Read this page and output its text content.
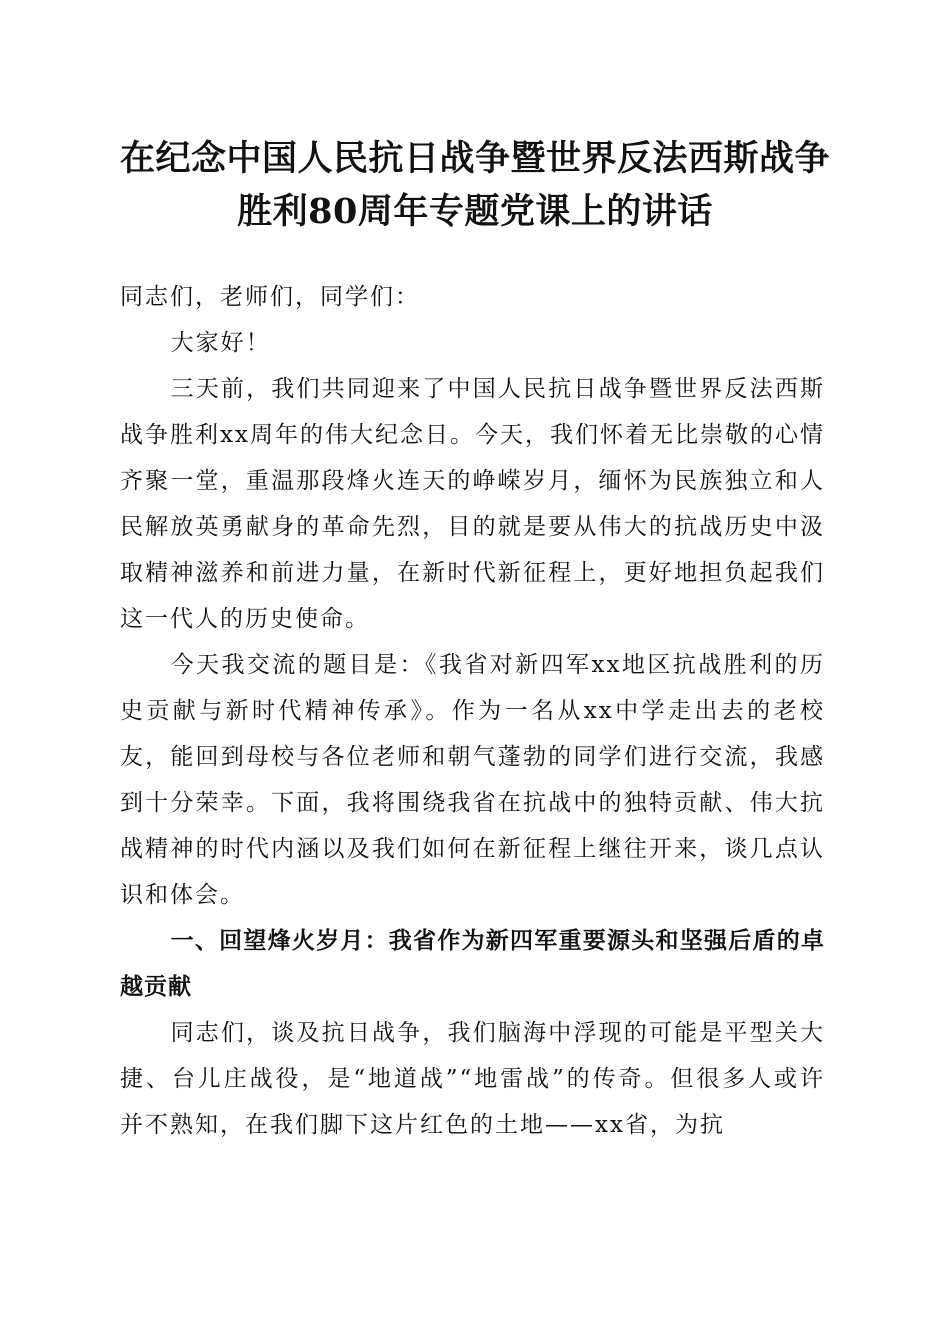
在纪念中国人民抗日战争暨世界反法西斯战争
胜利80周年专题党课上的讲话

同志们，老师们，同学们：

大家好！

三天前，我们共同迎来了中国人民抗日战争暨世界反法西斯战争胜利xx周年的伟大纪念日。今天，我们怀着无比崇敬的心情齐聚一堂，重温那段烽火连天的峥嵘岁月，缅怀为民族独立和人民解放英勇献身的革命先烈，目的就是要从伟大的抗战历史中汲取精神滋养和前进力量，在新时代新征程上，更好地担负起我们这一代人的历史使命。

今天我交流的题目是：《我省对新四军xx地区抗战胜利的历史贡献与新时代精神传承》。作为一名从xx中学走出去的老校友，能回到母校与各位老师和朝气蓬勃的同学们进行交流，我感到十分荣幸。下面，我将围绕我省在抗战中的独特贡献、伟大抗战精神的时代内涵以及我们如何在新征程上继往开来，谈几点认识和体会。

一、回望烽火岁月：我省作为新四军重要源头和坚强后盾的卓越贡献

同志们，谈及抗日战争，我们脑海中浮现的可能是平型关大捷、台儿庄战役，是“地道战”“地雷战”的传奇。但很多人或许并不熟知，在我们脚下这片红色的土地——xx省，为抗
